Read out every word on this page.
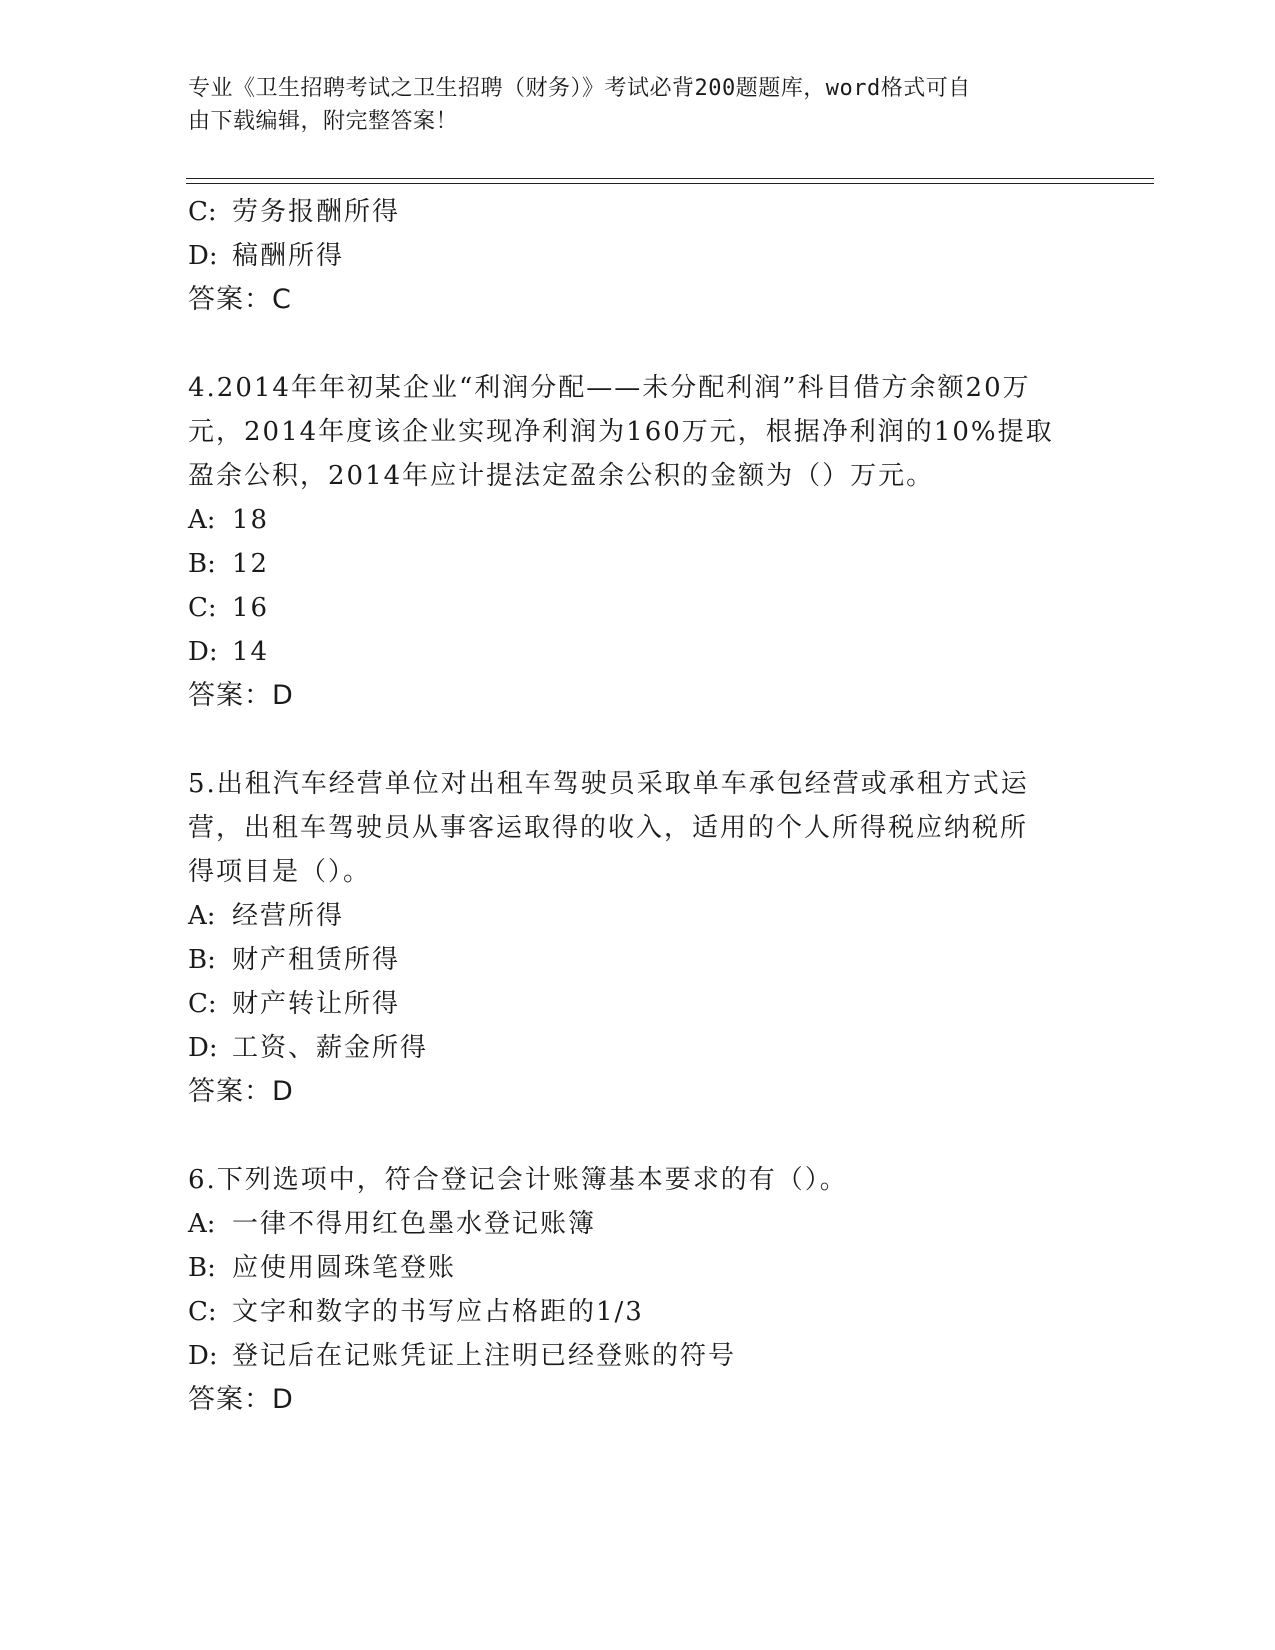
专业《卫生招聘考试之卫生招聘（财务）》考试必背200题题库，word格式可自
由下载编辑，附完整答案！
C: 劳务报酬所得
D: 稿酬所得
答案：C
4.2014年年初某企业“利润分配——未分配利润”科目借方余额20万
元，2014年度该企业实现净利润为160万元，根据净利润的10%提取
盈余公积，2014年应计提法定盈余公积的金额为（）万元。
A: 18
B: 12
C: 16
D: 14
答案：D
5.出租汽车经营单位对出租车驾驶员采取单车承包经营或承租方式运
营，出租车驾驶员从事客运取得的收入，适用的个人所得税应纳税所
得项目是（）。
A: 经营所得
B: 财产租赁所得
C: 财产转让所得
D: 工资、薪金所得
答案：D
6.下列选项中，符合登记会计账簿基本要求的有（）。
A: 一律不得用红色墨水登记账簿
B: 应使用圆珠笔登账
C: 文字和数字的书写应占格距的1/3
D: 登记后在记账凭证上注明已经登账的符号
答案：D
